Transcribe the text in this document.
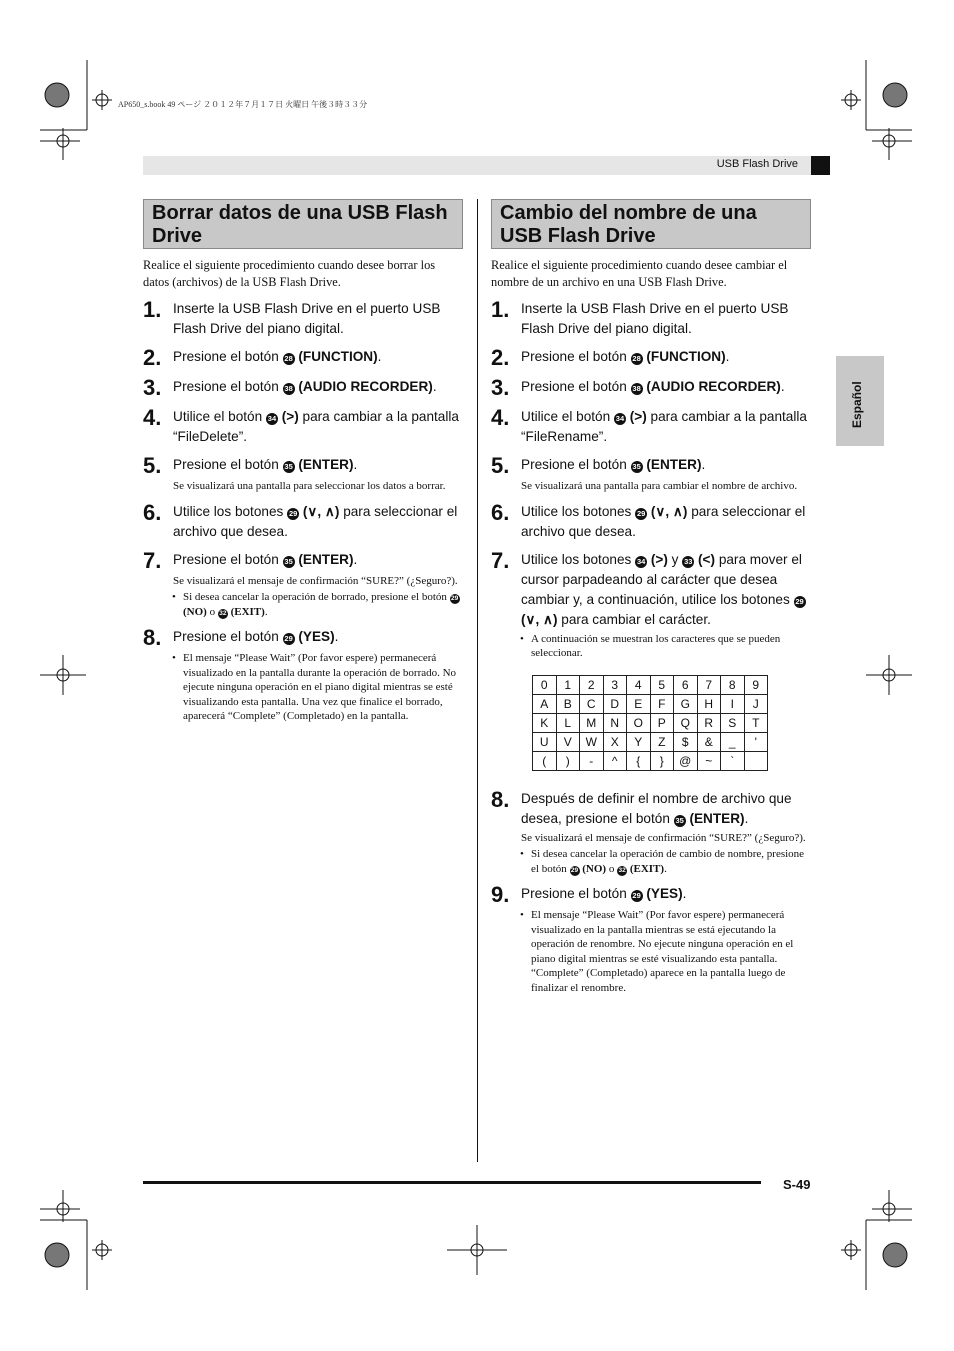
AP650_s.book 49 ページ ２０１２年７月１７日 火曜日 午後３時３３分
USB Flash Drive
Español
Borrar datos de una USB Flash Drive
Realice el siguiente procedimiento cuando desee borrar los datos (archivos) de la USB Flash Drive.
1. Inserte la USB Flash Drive en el puerto USB Flash Drive del piano digital.
2. Presione el botón 28 (FUNCTION).
3. Presione el botón 38 (AUDIO RECORDER).
4. Utilice el botón 34 (>) para cambiar a la pantalla “FileDelete”.
5. Presione el botón 35 (ENTER).
Se visualizará una pantalla para seleccionar los datos a borrar.
6. Utilice los botones 29 (∨, ∧) para seleccionar el archivo que desea.
7. Presione el botón 35 (ENTER).
Se visualizará el mensaje de confirmación “SURE?” (¿Seguro?).
• Si desea cancelar la operación de borrado, presione el botón 29 (NO) o 32 (EXIT).
8. Presione el botón 29 (YES).
• El mensaje “Please Wait” (Por favor espere) permanecerá visualizado en la pantalla durante la operación de borrado. No ejecute ninguna operación en el piano digital mientras se esté visualizando esta pantalla. Una vez que finalice el borrado, aparecerá “Complete” (Completado) en la pantalla.
Cambio del nombre de una USB Flash Drive
Realice el siguiente procedimiento cuando desee cambiar el nombre de un archivo en una USB Flash Drive.
1. Inserte la USB Flash Drive en el puerto USB Flash Drive del piano digital.
2. Presione el botón 28 (FUNCTION).
3. Presione el botón 38 (AUDIO RECORDER).
4. Utilice el botón 34 (>) para cambiar a la pantalla “FileRename”.
5. Presione el botón 35 (ENTER).
Se visualizará una pantalla para cambiar el nombre de archivo.
6. Utilice los botones 29 (∨, ∧) para seleccionar el archivo que desea.
7. Utilice los botones 34 (>) y 33 (<) para mover el cursor parpadeando al carácter que desea cambiar y, a continuación, utilice los botones 29 (∨, ∧) para cambiar el carácter.
• A continuación se muestran los caracteres que se pueden seleccionar.
0	1	2	3	4	5	6	7	8	9
A	B	C	D	E	F	G	H	I	J
K	L	M	N	O	P	Q	R	S	T
U	V	W	X	Y	Z	$	&	_	'
(	)	-	^	{	}	@	~	`	
8. Después de definir el nombre de archivo que desea, presione el botón 35 (ENTER).
Se visualizará el mensaje de confirmación “SURE?” (¿Seguro?).
• Si desea cancelar la operación de cambio de nombre, presione el botón 29 (NO) o 32 (EXIT).
9. Presione el botón 29 (YES).
• El mensaje “Please Wait” (Por favor espere) permanecerá visualizado en la pantalla mientras se está ejecutando la operación de renombre. No ejecute ninguna operación en el piano digital mientras se esté visualizando esta pantalla. “Complete” (Completado) aparece en la pantalla luego de finalizar el renombre.
S-49
